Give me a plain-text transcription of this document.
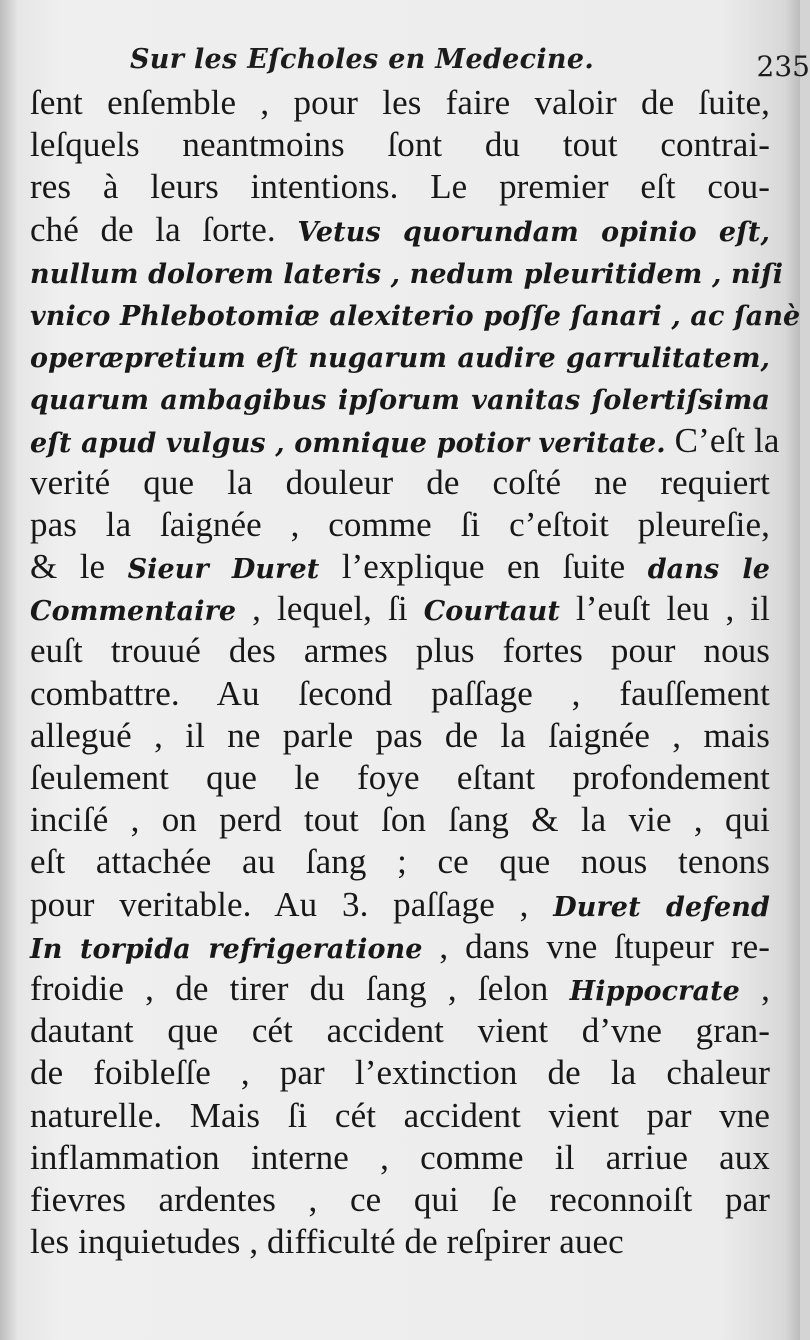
Sur les Eſcholes en Medecine.	235
ſent enſemble , pour les faire valoir de ſuite,
leſquels neantmoins ſont du tout contrai-
res à leurs intentions. Le premier eſt cou-
ché de la ſorte. Vetus quorundam opinio eſt,
nullum dolorem lateris , nedum pleuritidem , niſi
vnico Phlebotomiæ alexiterio poſſe ſanari , ac ſanè
operæpretium eſt nugarum audire garrulitatem,
quarum ambagibus ipſorum vanitas ſolertiſsima
eſt apud vulgus , omnique potior veritate. C’eſt la
verité que la douleur de coſté ne requiert
pas la ſaignée , comme ſi c’eſtoit pleureſie,
& le Sieur Duret l’explique en ſuite dans le
Commentaire , lequel, ſi Courtaut l’euſt leu , il
euſt trouué des armes plus fortes pour nous
combattre. Au ſecond paſſage , fauſſement
allegué , il ne parle pas de la ſaignée , mais
ſeulement que le foye eſtant profondement
inciſé , on perd tout ſon ſang & la vie , qui
eſt attachée au ſang ; ce que nous tenons
pour veritable. Au 3. paſſage , Duret defend
In torpida refrigeratione , dans vne ſtupeur re-
froidie , de tirer du ſang , ſelon Hippocrate ,
dautant que cét accident vient d’vne gran-
de foibleſſe , par l’extinction de la chaleur
naturelle. Mais ſi cét accident vient par vne
inflammation interne , comme il arriue aux
fievres ardentes , ce qui ſe reconnoiſt par
les inquietudes , difficulté de reſpirer auec
